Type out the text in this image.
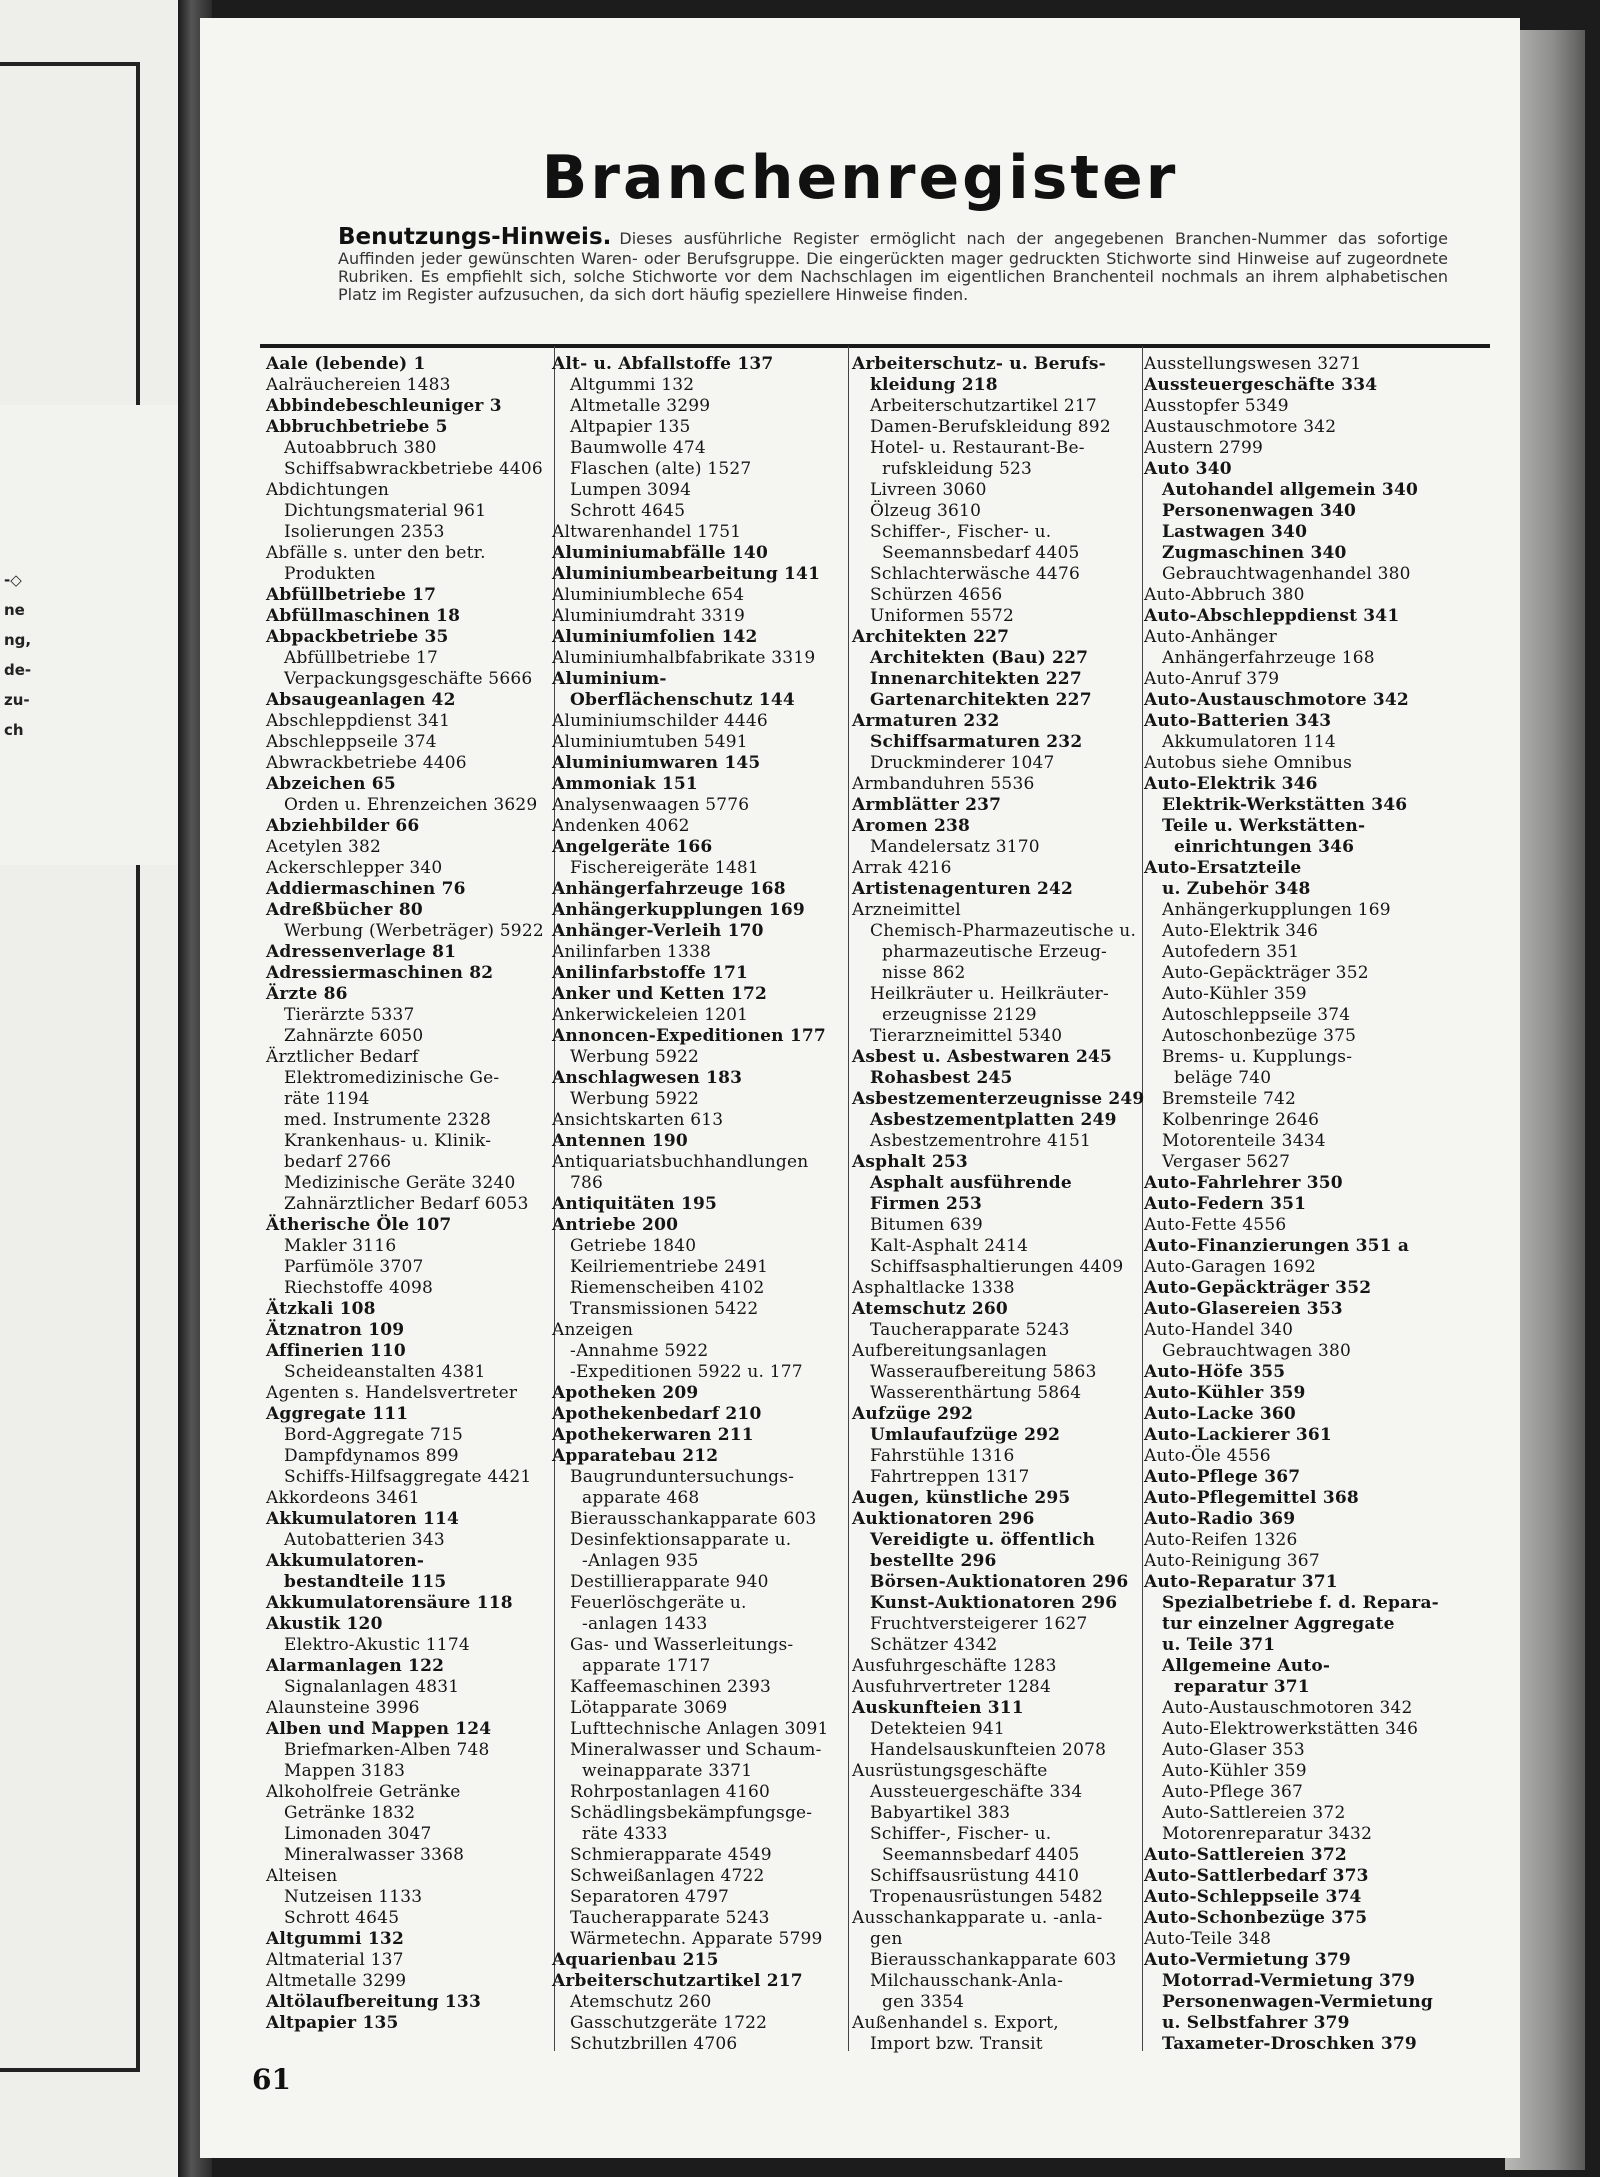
-◇
ne
ng,
de-
zu-
ch
Branchenregister
Benutzungs-Hinweis. Dieses ausführliche Register ermöglicht nach der angegebenen Branchen-Nummer das sofortige Auffinden jeder gewünschten Waren- oder Berufsgruppe. Die eingerückten mager gedruckten Stichworte sind Hinweise auf zugeordnete Rubriken. Es empfiehlt sich, solche Stichworte vor dem Nachschlagen im eigentlichen Branchenteil nochmals an ihrem alphabetischen Platz im Register aufzusuchen, da sich dort häufig speziellere Hinweise finden.
Aale (lebende) 1
Aalräuchereien 1483
Abbindebeschleuniger 3
Abbruchbetriebe 5
Autoabbruch 380
Schiffsabwrackbetriebe 4406
Abdichtungen
Dichtungsmaterial 961
Isolierungen 2353
Abfälle s. unter den betr.
Produkten
Abfüllbetriebe 17
Abfüllmaschinen 18
Abpackbetriebe 35
Abfüllbetriebe 17
Verpackungsgeschäfte 5666
Absaugeanlagen 42
Abschleppdienst 341
Abschleppseile 374
Abwrackbetriebe 4406
Abzeichen 65
Orden u. Ehrenzeichen 3629
Abziehbilder 66
Acetylen 382
Ackerschlepper 340
Addiermaschinen 76
Adreßbücher 80
Werbung (Werbeträger) 5922
Adressenverlage 81
Adressiermaschinen 82
Ärzte 86
Tierärzte 5337
Zahnärzte 6050
Ärztlicher Bedarf
Elektromedizinische Ge-
räte 1194
med. Instrumente 2328
Krankenhaus- u. Klinik-
bedarf 2766
Medizinische Geräte 3240
Zahnärztlicher Bedarf 6053
Ätherische Öle 107
Makler 3116
Parfümöle 3707
Riechstoffe 4098
Ätzkali 108
Ätznatron 109
Affinerien 110
Scheideanstalten 4381
Agenten s. Handelsvertreter
Aggregate 111
Bord-Aggregate 715
Dampfdynamos 899
Schiffs-Hilfsaggregate 4421
Akkordeons 3461
Akkumulatoren 114
Autobatterien 343
Akkumulatoren-
bestandteile 115
Akkumulatorensäure 118
Akustik 120
Elektro-Akustic 1174
Alarmanlagen 122
Signalanlagen 4831
Alaunsteine 3996
Alben und Mappen 124
Briefmarken-Alben 748
Mappen 3183
Alkoholfreie Getränke
Getränke 1832
Limonaden 3047
Mineralwasser 3368
Alteisen
Nutzeisen 1133
Schrott 4645
Altgummi 132
Altmaterial 137
Altmetalle 3299
Altölaufbereitung 133
Altpapier 135
Alt- u. Abfallstoffe 137
Altgummi 132
Altmetalle 3299
Altpapier 135
Baumwolle 474
Flaschen (alte) 1527
Lumpen 3094
Schrott 4645
Altwarenhandel 1751
Aluminiumabfälle 140
Aluminiumbearbeitung 141
Aluminiumbleche 654
Aluminiumdraht 3319
Aluminiumfolien 142
Aluminiumhalbfabrikate 3319
Aluminium-
Oberflächenschutz 144
Aluminiumschilder 4446
Aluminiumtuben 5491
Aluminiumwaren 145
Ammoniak 151
Analysenwaagen 5776
Andenken 4062
Angelgeräte 166
Fischereigeräte 1481
Anhängerfahrzeuge 168
Anhängerkupplungen 169
Anhänger-Verleih 170
Anilinfarben 1338
Anilinfarbstoffe 171
Anker und Ketten 172
Ankerwickeleien 1201
Annoncen-Expeditionen 177
Werbung 5922
Anschlagwesen 183
Werbung 5922
Ansichtskarten 613
Antennen 190
Antiquariatsbuchhandlungen
786
Antiquitäten 195
Antriebe 200
Getriebe 1840
Keilriementriebe 2491
Riemenscheiben 4102
Transmissionen 5422
Anzeigen
-Annahme 5922
-Expeditionen 5922 u. 177
Apotheken 209
Apothekenbedarf 210
Apothekerwaren 211
Apparatebau 212
Baugrunduntersuchungs-
apparate 468
Bierausschankapparate 603
Desinfektionsapparate u.
-Anlagen 935
Destillierapparate 940
Feuerlöschgeräte u.
-anlagen 1433
Gas- und Wasserleitungs-
apparate 1717
Kaffeemaschinen 2393
Lötapparate 3069
Lufttechnische Anlagen 3091
Mineralwasser und Schaum-
weinapparate 3371
Rohrpostanlagen 4160
Schädlingsbekämpfungsge-
räte 4333
Schmierapparate 4549
Schweißanlagen 4722
Separatoren 4797
Taucherapparate 5243
Wärmetechn. Apparate 5799
Aquarienbau 215
Arbeiterschutzartikel 217
Atemschutz 260
Gasschutzgeräte 1722
Schutzbrillen 4706
Arbeiterschutz- u. Berufs-
kleidung 218
Arbeiterschutzartikel 217
Damen-Berufskleidung 892
Hotel- u. Restaurant-Be-
rufskleidung 523
Livreen 3060
Ölzeug 3610
Schiffer-, Fischer- u.
Seemannsbedarf 4405
Schlachterwäsche 4476
Schürzen 4656
Uniformen 5572
Architekten 227
Architekten (Bau) 227
Innenarchitekten 227
Gartenarchitekten 227
Armaturen 232
Schiffsarmaturen 232
Druckminderer 1047
Armbanduhren 5536
Armblätter 237
Aromen 238
Mandelersatz 3170
Arrak 4216
Artistenagenturen 242
Arzneimittel
Chemisch-Pharmazeutische u.
pharmazeutische Erzeug-
nisse 862
Heilkräuter u. Heilkräuter-
erzeugnisse 2129
Tierarzneimittel 5340
Asbest u. Asbestwaren 245
Rohasbest 245
Asbestzementerzeugnisse 249
Asbestzementplatten 249
Asbestzementrohre 4151
Asphalt 253
Asphalt ausführende
Firmen 253
Bitumen 639
Kalt-Asphalt 2414
Schiffsasphaltierungen 4409
Asphaltlacke 1338
Atemschutz 260
Taucherapparate 5243
Aufbereitungsanlagen
Wasseraufbereitung 5863
Wasserenthärtung 5864
Aufzüge 292
Umlaufaufzüge 292
Fahrstühle 1316
Fahrtreppen 1317
Augen, künstliche 295
Auktionatoren 296
Vereidigte u. öffentlich
bestellte 296
Börsen-Auktionatoren 296
Kunst-Auktionatoren 296
Fruchtversteigerer 1627
Schätzer 4342
Ausfuhrgeschäfte 1283
Ausfuhrvertreter 1284
Auskunfteien 311
Detekteien 941
Handelsauskunfteien 2078
Ausrüstungsgeschäfte
Aussteuergeschäfte 334
Babyartikel 383
Schiffer-, Fischer- u.
Seemannsbedarf 4405
Schiffsausrüstung 4410
Tropenausrüstungen 5482
Ausschankapparate u. -anla-
gen
Bierausschankapparate 603
Milchausschank-Anla-
gen 3354
Außenhandel s. Export,
Import bzw. Transit
Ausstellungswesen 3271
Aussteuergeschäfte 334
Ausstopfer 5349
Austauschmotore 342
Austern 2799
Auto 340
Autohandel allgemein 340
Personenwagen 340
Lastwagen 340
Zugmaschinen 340
Gebrauchtwagenhandel 380
Auto-Abbruch 380
Auto-Abschleppdienst 341
Auto-Anhänger
Anhängerfahrzeuge 168
Auto-Anruf 379
Auto-Austauschmotore 342
Auto-Batterien 343
Akkumulatoren 114
Autobus siehe Omnibus
Auto-Elektrik 346
Elektrik-Werkstätten 346
Teile u. Werkstätten-
einrichtungen 346
Auto-Ersatzteile
u. Zubehör 348
Anhängerkupplungen 169
Auto-Elektrik 346
Autofedern 351
Auto-Gepäckträger 352
Auto-Kühler 359
Autoschleppseile 374
Autoschonbezüge 375
Brems- u. Kupplungs-
beläge 740
Bremsteile 742
Kolbenringe 2646
Motorenteile 3434
Vergaser 5627
Auto-Fahrlehrer 350
Auto-Federn 351
Auto-Fette 4556
Auto-Finanzierungen 351 a
Auto-Garagen 1692
Auto-Gepäckträger 352
Auto-Glasereien 353
Auto-Handel 340
Gebrauchtwagen 380
Auto-Höfe 355
Auto-Kühler 359
Auto-Lacke 360
Auto-Lackierer 361
Auto-Öle 4556
Auto-Pflege 367
Auto-Pflegemittel 368
Auto-Radio 369
Auto-Reifen 1326
Auto-Reinigung 367
Auto-Reparatur 371
Spezialbetriebe f. d. Repara-
tur einzelner Aggregate
u. Teile 371
Allgemeine Auto-
reparatur 371
Auto-Austauschmotoren 342
Auto-Elektrowerkstätten 346
Auto-Glaser 353
Auto-Kühler 359
Auto-Pflege 367
Auto-Sattlereien 372
Motorenreparatur 3432
Auto-Sattlereien 372
Auto-Sattlerbedarf 373
Auto-Schleppseile 374
Auto-Schonbezüge 375
Auto-Teile 348
Auto-Vermietung 379
Motorrad-Vermietung 379
Personenwagen-Vermietung
u. Selbstfahrer 379
Taxameter-Droschken 379
61
